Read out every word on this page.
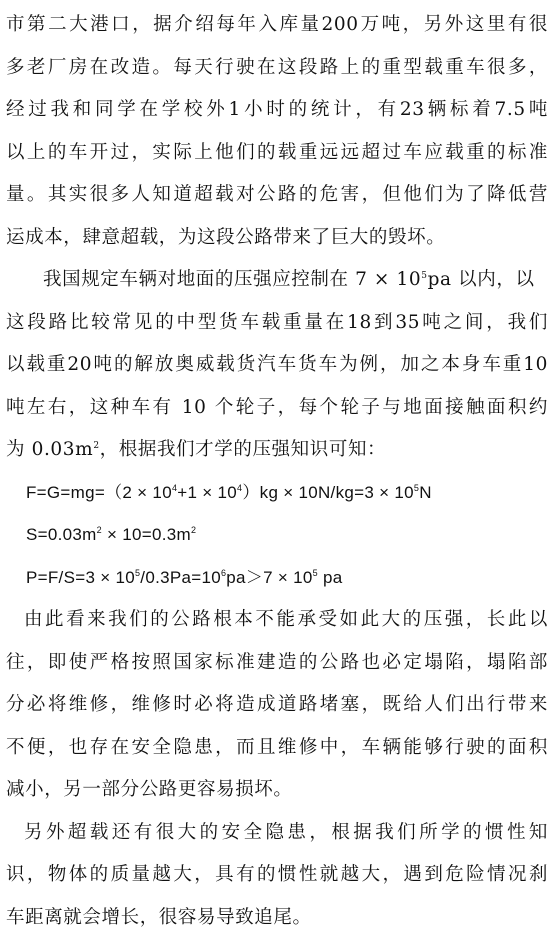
市第二大港口，据介绍每年入库量200万吨，另外这里有很
多老厂房在改造。每天行驶在这段路上的重型载重车很多，
经过我和同学在学校外1小时的统计，有23辆标着7.5吨
以上的车开过，实际上他们的载重远远超过车应载重的标准
量。其实很多人知道超载对公路的危害，但他们为了降低营
运成本，肆意超载，为这段公路带来了巨大的毁坏。
我国规定车辆对地面的压强应控制在 $7 \times 10^5pa$ 以内，以
这段路比较常见的中型货车载重量在18到35吨之间，我们
以载重20吨的解放奥威载货汽车货车为例，加之本身车重10
吨左右，这种车有 10 个轮子，每个轮子与地面接触面积约
为 $0.03m^2$，根据我们才学的压强知识可知：
$F=G=mg=(2 \times 10^4+1 \times 10^4)kg \times 10N/kg=3 \times 10^5N$
$S=0.03m^2 \times 10=0.3m^2$
$P=F/S=3 \times 10^5/0.3Pa=10^6pa>7 \times 10^5$ pa
由此看来我们的公路根本不能承受如此大的压强，长此以
往，即使严格按照国家标准建造的公路也必定塌陷，塌陷部
分必将维修，维修时必将造成道路堵塞，既给人们出行带来
不便，也存在安全隐患，而且维修中，车辆能够行驶的面积
减小，另一部分公路更容易损坏。
另外超载还有很大的安全隐患，根据我们所学的惯性知
识，物体的质量越大，具有的惯性就越大，遇到危险情况刹
车距离就会增长，很容易导致追尾。
